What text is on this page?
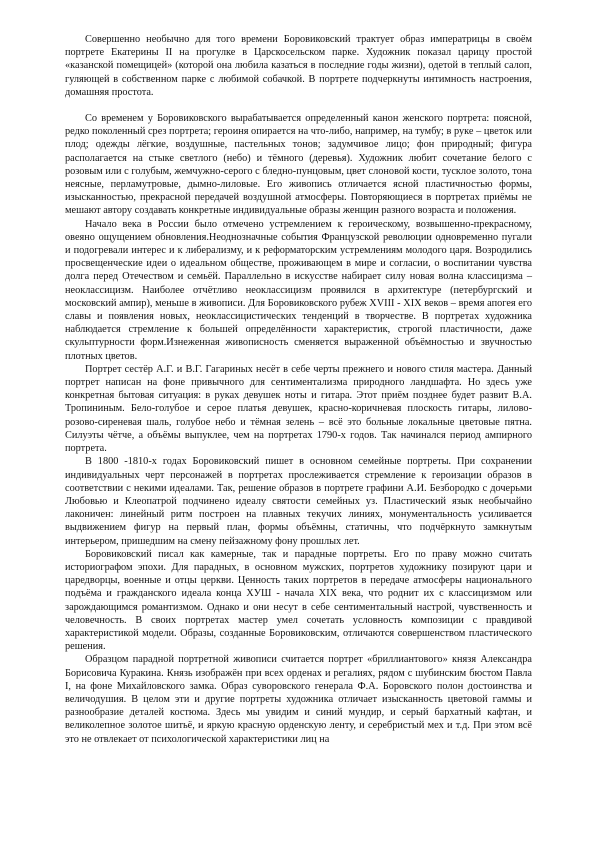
Совершенно необычно для того времени Боровиковский трактует образ императрицы в своём портрете Екатерины II на прогулке в Царскосельском парке. Художник показал царицу простой «казанской помещицей» (которой она любила казаться в последние годы жизни), одетой в теплый салоп, гуляющей в собственном парке с любимой собачкой. В портрете подчеркнуты интимность настроения, домашняя простота.

Со временем у Боровиковского вырабатывается определенный канон женского портрета: поясной, редко поколенный срез портрета; героиня опирается на что-либо, например, на тумбу; в руке – цветок или плод; одежды лёгкие, воздушные, пастельных тонов; задумчивое лицо; фон природный; фигура располагается на стыке светлого (небо) и тёмного (деревья). Художник любит сочетание белого с розовым или с голубым, жемчужно-серого с бледно-пунцовым, цвет слоновой кости, тусклое золото, тона неясные, перламутровые, дымно-лиловые. Его живопись отличается ясной пластичностью формы, изысканностью, прекрасной передачей воздушной атмосферы. Повторяющиеся в портретах приёмы не мешают автору создавать конкретные индивидуальные образы женщин разного возраста и положения.

Начало века в России было отмечено устремлением к героическому, возвышенно-прекрасному, овеяно ощущением обновления.Неоднозначные события Французской революции одновременно пугали и подогревали интерес и к либерализму, и к реформаторским устремлениям молодого царя. Возродились просвещенческие идеи о идеальном обществе, проживающем в мире и согласии, о воспитании чувства долга перед Отечеством и семьёй. Параллельно в искусстве набирает силу новая волна классицизма – неоклассицизм. Наиболее отчётливо неоклассицизм проявился в архитектуре (петербургский и московский ампир), меньше в живописи. Для Боровиковского рубеж XVIII - XIX веков – время апогея его славы и появления новых, неоклассицистических тенденций в творчестве. В портретах художника наблюдается стремление к большей определённости характеристик, строгой пластичности, даже скульптурности форм.Изнеженная живописность сменяется выраженной объёмностью и звучностью плотных цветов.

Портрет сестёр А.Г. и В.Г. Гагариных несёт в себе черты прежнего и нового стиля мастера. Данный портрет написан на фоне привычного для сентиментализма природного ландшафта. Но здесь уже конкретная бытовая ситуация: в руках девушек ноты и гитара. Этот приём позднее будет развит В.А. Тропининым. Бело-голубое и серое платья девушек, красно-коричневая плоскость гитары, лилово-розово-сиреневая шаль, голубое небо и тёмная зелень – всё это больные локальные цветовые пятна. Силуэты чётче, а объёмы выпуклее, чем на портретах 1790-х годов. Так начинался период ампирного портрета.

В 1800 -1810-х годах Боровиковский пишет в основном семейные портреты. При сохранении индивидуальных черт персонажей в портретах прослеживается стремление к героизации образов в соответствии с некими идеалами. Так, решение образов в портрете графини А.И. Безбородко с дочерьми Любовью и Клеопатрой подчинено идеалу святости семейных уз. Пластический язык необычайно лаконичен: линейный ритм построен на плавных текучих линиях, монументальность усиливается выдвижением фигур на первый план, формы объёмны, статичны, что подчёркнуто замкнутым интерьером, пришедшим на смену пейзажному фону прошлых лет.

Боровиковский писал как камерные, так и парадные портреты. Его по праву можно считать историографом эпохи. Для парадных, в основном мужских, портретов художнику позируют цари и царедворцы, военные и отцы церкви. Ценность таких портретов в передаче атмосферы национального подъёма и гражданского идеала конца ХУШ - начала XIX века, что роднит их с классицизмом или зарождающимся романтизмом. Однако и они несут в себе сентиментальный настрой, чувственность и человечность. В своих портретах мастер умел сочетать условность композиции с правдивой характеристикой модели. Образы, созданные Боровиковским, отличаются совершенством пластического решения.

Образцом парадной портретной живописи считается портрет «бриллиантового» князя Александра Борисовича Куракина. Князь изображён при всех орденах и регалиях, рядом с шубинским бюстом Павла I, на фоне Михайловского замка. Образ суворовского генерала Ф.А. Боровского полон достоинства и величодушия. В целом эти и другие портреты художника отличает изысканность цветовой гаммы и разнообразие деталей костюма. Здесь мы увидим и синий мундир, и серый бархатный кафтан, и великолепное золотое шитьё, и яркую красную орденскую ленту, и серебристый мех и т.д. При этом всё это не отвлекает от психологической характеристики лиц на
